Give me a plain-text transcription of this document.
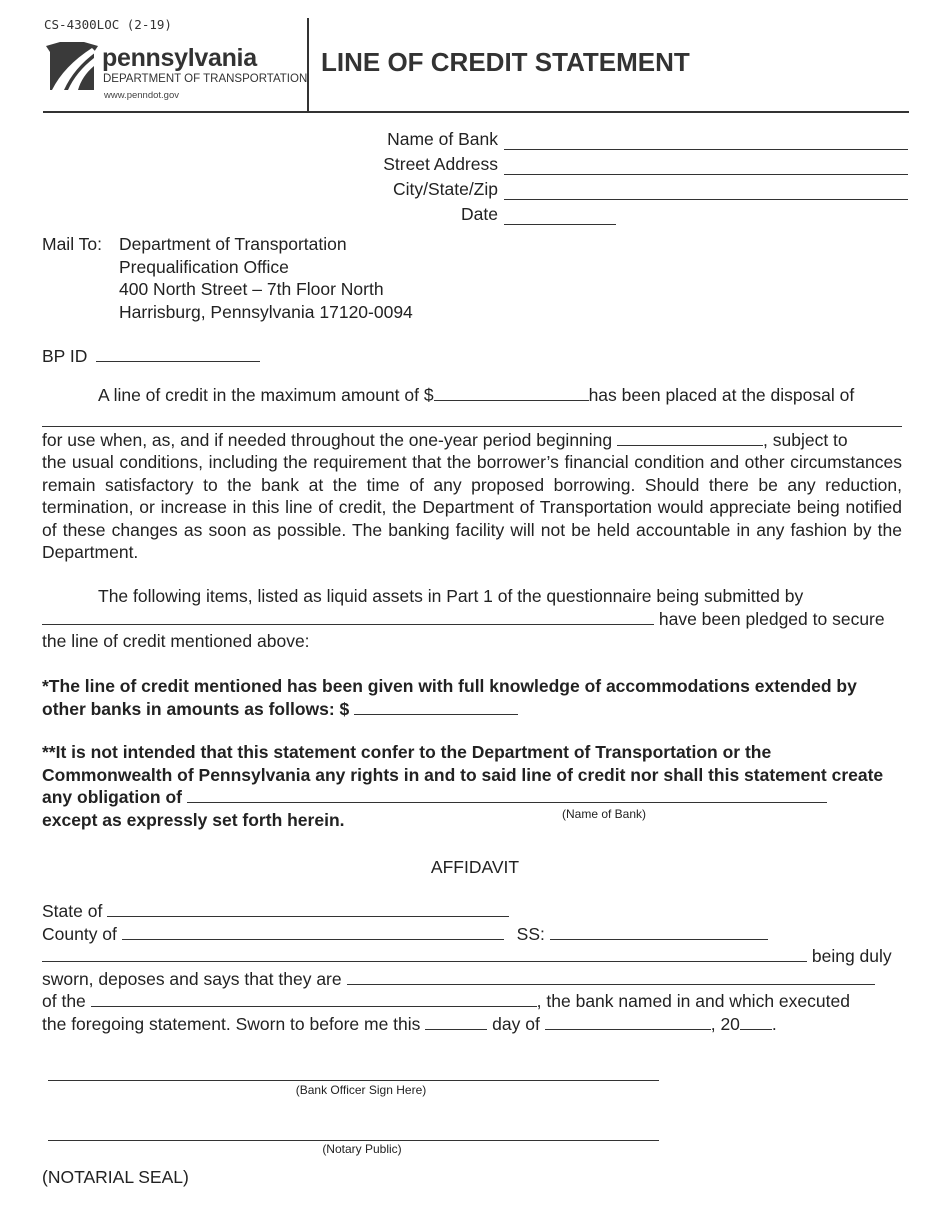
CS-4300LOC (2-19)
pennsylvania
DEPARTMENT OF TRANSPORTATION
www.penndot.gov
LINE OF CREDIT STATEMENT
Name of Bank
Street Address
City/State/Zip
Date
Mail To: Department of Transportation
Prequalification Office
400 North Street – 7th Floor North
Harrisburg, Pennsylvania 17120-0094
BP ID
A line of credit in the maximum amount of $	has been placed at the disposal of
for use when, as, and if needed throughout the one-year period beginning	, subject to
the usual conditions, including the requirement that the borrower’s financial condition and other circumstances remain satisfactory to the bank at the time of any proposed borrowing. Should there be any reduction, termination, or increase in this line of credit, the Department of Transportation would appreciate being notified of these changes as soon as possible. The banking facility will not be held accountable in any fashion by the Department.
The following items, listed as liquid assets in Part 1 of the questionnaire being submitted by
have been pledged to secure
the line of credit mentioned above:
*The line of credit mentioned has been given with full knowledge of accommodations extended by other banks in amounts as follows: $
**It is not intended that this statement confer to the Department of Transportation or the Commonwealth of Pennsylvania any rights in and to said line of credit nor shall this statement create any obligation of
except as expressly set forth herein.	(Name of Bank)
AFFIDAVIT
State of
County of	SS:
being duly
sworn, deposes and says that they are
of the	, the bank named in and which executed
the foregoing statement. Sworn to before me this	day of	, 20 .
(Bank Officer Sign Here)
(Notary Public)
(NOTARIAL SEAL)
